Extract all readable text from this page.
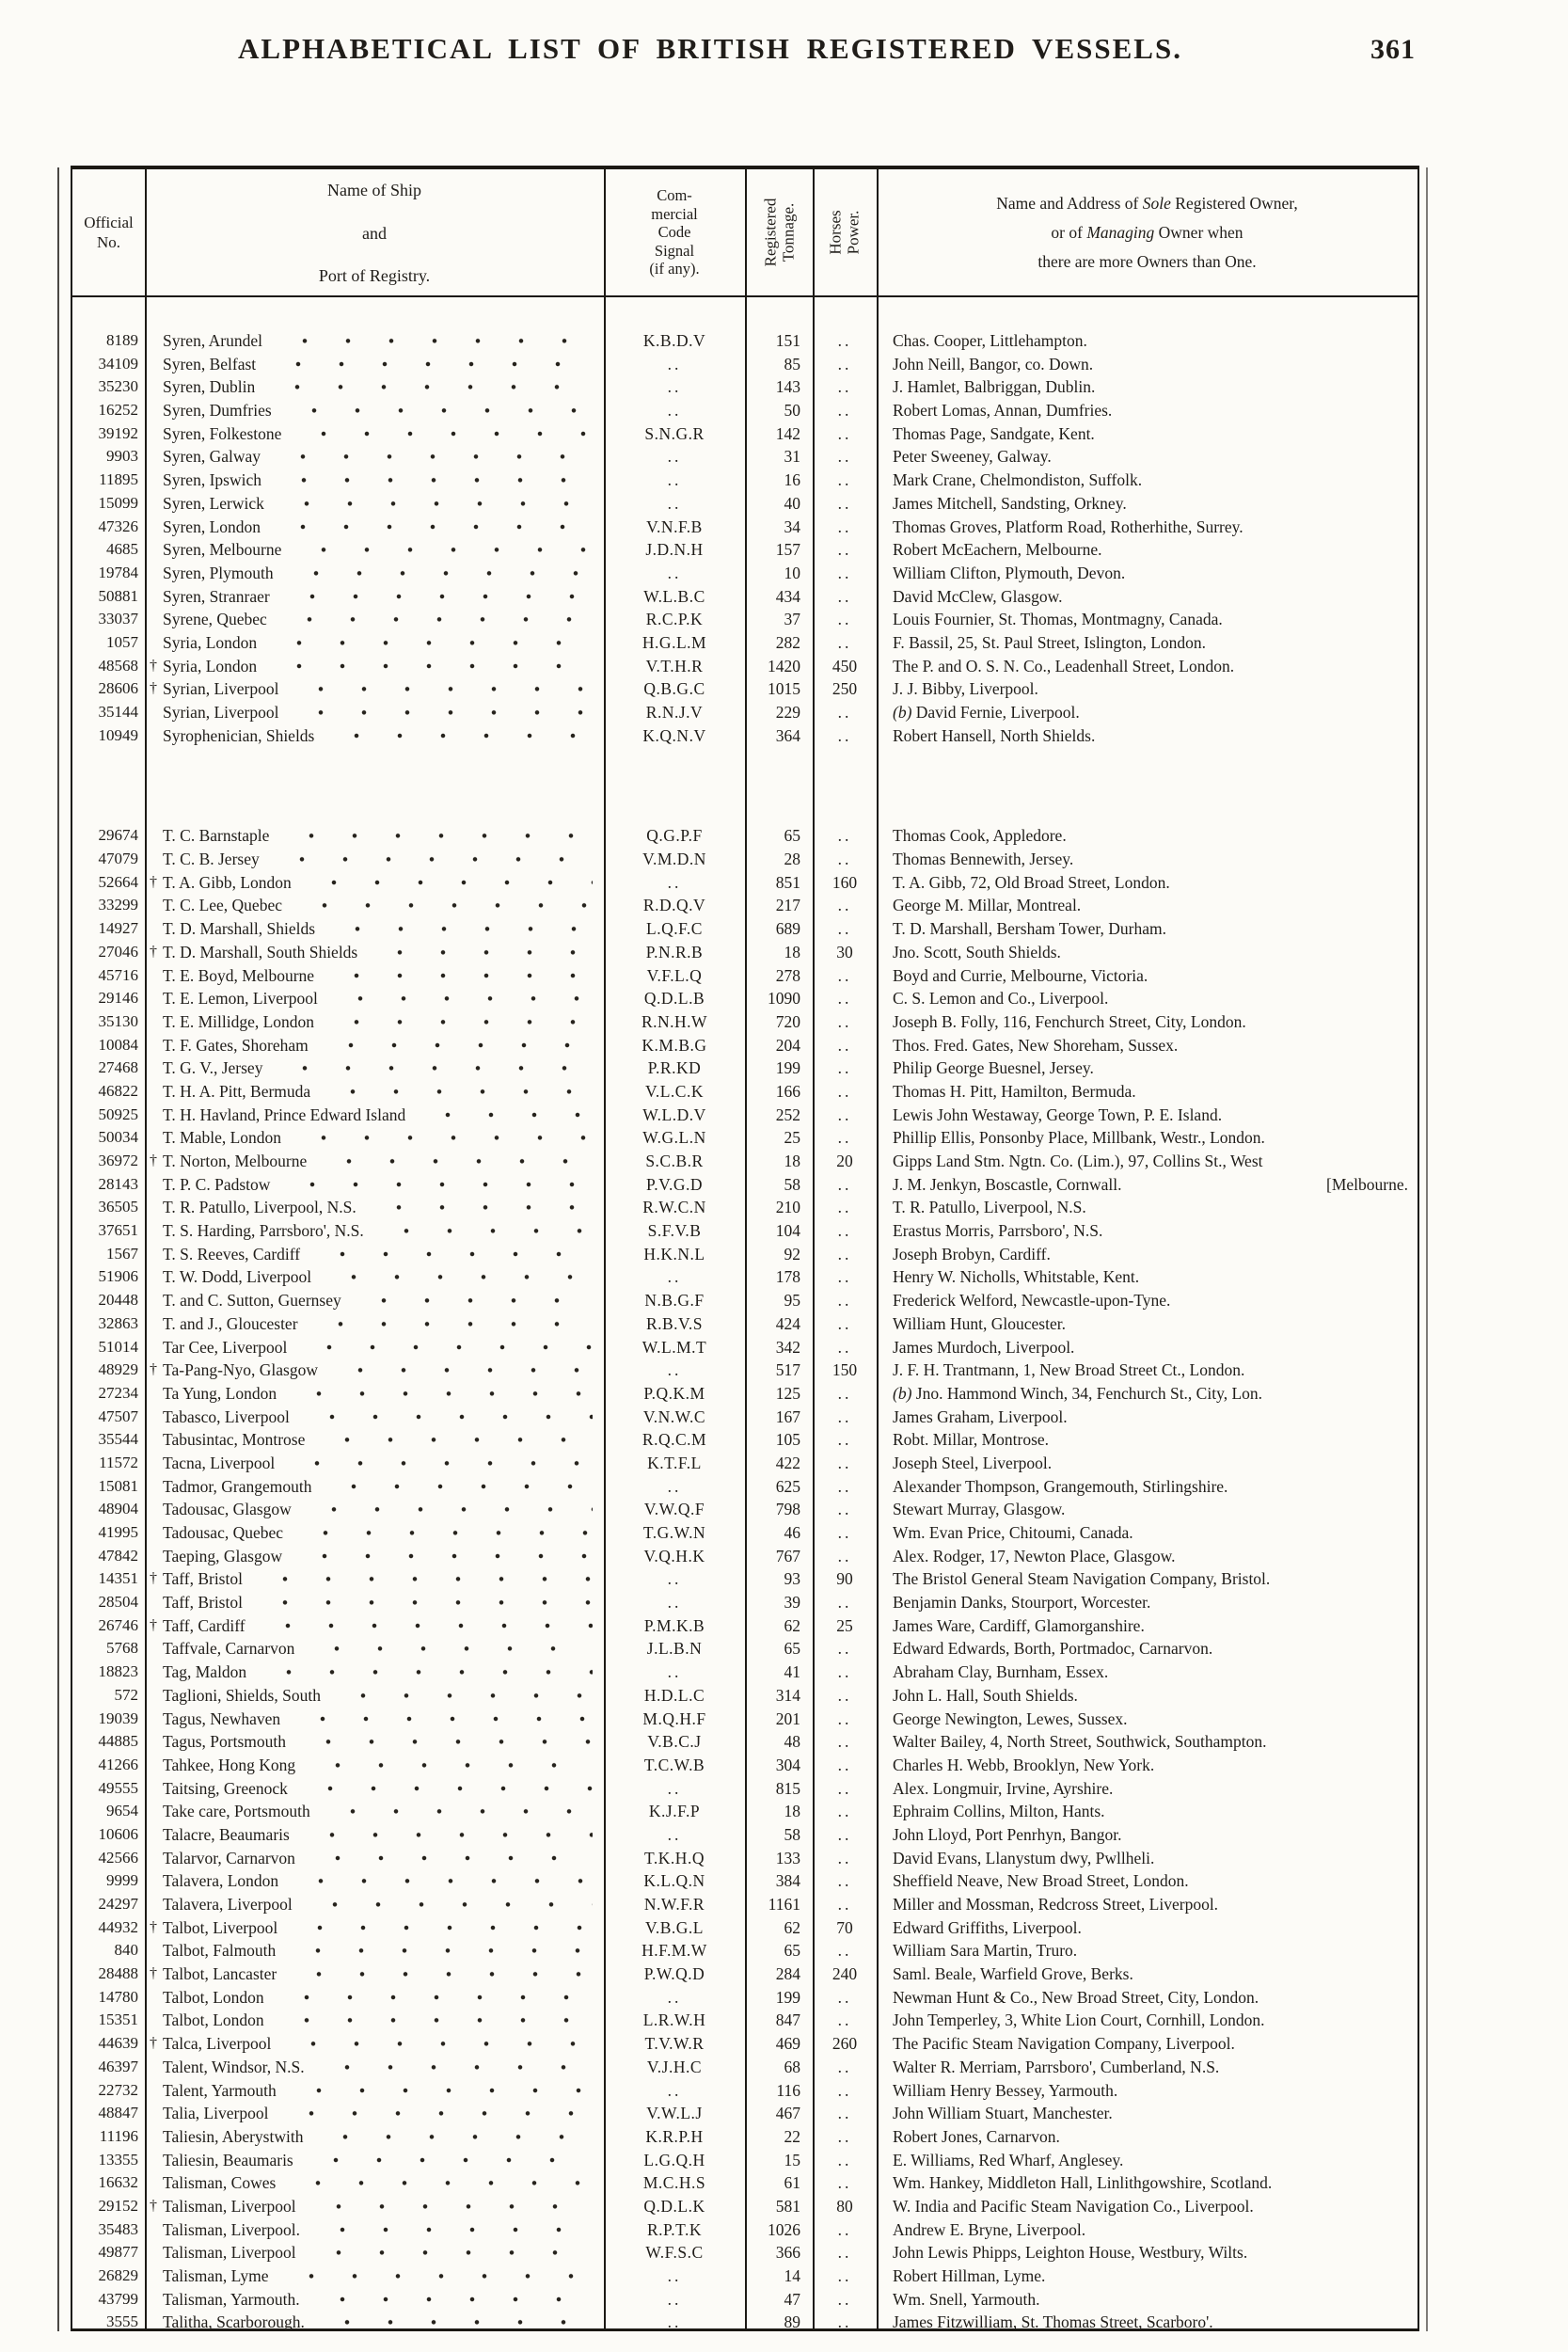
ALPHABETICAL LIST OF BRITISH REGISTERED VESSELS.	361
Official
No.
Name of Ship
and
Port of Registry.
Com-
mercial
Code
Signal
(if any).
Registered Tonnage. Horses Power.
Name and Address of Sole Registered Owner,
or of Managing Owner when
there are more Owners than One.
8189	Syren, Arundel	K.B.D.V	151	..	Chas. Cooper, Littlehampton.
34109	Syren, Belfast	..	85	..	John Neill, Bangor, co. Down.
35230	Syren, Dublin	..	143	..	J. Hamlet, Balbriggan, Dublin.
16252	Syren, Dumfries	..	50	..	Robert Lomas, Annan, Dumfries.
39192	Syren, Folkestone	S.N.G.R	142	..	Thomas Page, Sandgate, Kent.
9903	Syren, Galway	..	31	..	Peter Sweeney, Galway.
11895	Syren, Ipswich	..	16	..	Mark Crane, Chelmondiston, Suffolk.
15099	Syren, Lerwick	..	40	..	James Mitchell, Sandsting, Orkney.
47326	Syren, London	V.N.F.B	34	..	Thomas Groves, Platform Road, Rotherhithe, Surrey.
4685	Syren, Melbourne	J.D.N.H	157	..	Robert McEachern, Melbourne.
19784	Syren, Plymouth	..	10	..	William Clifton, Plymouth, Devon.
50881	Syren, Stranraer	W.L.B.C	434	..	David McClew, Glasgow.
33037	Syrene, Quebec	R.C.P.K	37	..	Louis Fournier, St. Thomas, Montmagny, Canada.
1057	Syria, London	H.G.L.M	282	..	F. Bassil, 25, St. Paul Street, Islington, London.
48568 † Syria, London	V.T.H.R	1420	450	The P. and O. S. N. Co., Leadenhall Street, London.
28606 † Syrian, Liverpool	Q.B.G.C	1015	250	J. J. Bibby, Liverpool.
35144	Syrian, Liverpool	R.N.J.V	229	..	(b) David Fernie, Liverpool.
10949	Syrophenician, Shields	K.Q.N.V	364	..	Robert Hansell, North Shields.
29674	T. C. Barnstaple	Q.G.P.F	65	..	Thomas Cook, Appledore.
47079	T. C. B. Jersey	V.M.D.N	28	..	Thomas Bennewith, Jersey.
52664 † T. A. Gibb, London	..	851	160	T. A. Gibb, 72, Old Broad Street, London.
33299	T. C. Lee, Quebec	R.D.Q.V	217	..	George M. Millar, Montreal.
14927	T. D. Marshall, Shields	L.Q.F.C	689	..	T. D. Marshall, Bersham Tower, Durham.
27046 † T. D. Marshall, South Shields	P.N.R.B	18	30	Jno. Scott, South Shields.
45716	T. E. Boyd, Melbourne	V.F.L.Q	278	..	Boyd and Currie, Melbourne, Victoria.
29146	T. E. Lemon, Liverpool	Q.D.L.B	1090	..	C. S. Lemon and Co., Liverpool.
35130	T. E. Millidge, London	R.N.H.W	720	..	Joseph B. Folly, 116, Fenchurch Street, City, London.
10084	T. F. Gates, Shoreham	K.M.B.G	204	..	Thos. Fred. Gates, New Shoreham, Sussex.
27468	T. G. V., Jersey	P.R.KD	199	..	Philip George Buesnel, Jersey.
46822	T. H. A. Pitt, Bermuda	V.L.C.K	166	..	Thomas H. Pitt, Hamilton, Bermuda.
50925	T. H. Havland, Prince Edward Island	W.L.D.V	252	..	Lewis John Westaway, George Town, P. E. Island.
50034	T. Mable, London	W.G.L.N	25	..	Phillip Ellis, Ponsonby Place, Millbank, Westr., London.
36972 † T. Norton, Melbourne	S.C.B.R	18	20	Gipps Land Stm. Ngtn. Co. (Lim.), 97, Collins St., West
28143	T. P. C. Padstow	P.V.G.D	58	..	J. M. Jenkyn, Boscastle, Cornwall.	[Melbourne.
36505	T. R. Patullo, Liverpool, N.S.	R.W.C.N	210	..	T. R. Patullo, Liverpool, N.S.
37651	T. S. Harding, Parrsboro', N.S.	S.F.V.B	104	..	Erastus Morris, Parrsboro', N.S.
1567	T. S. Reeves, Cardiff	H.K.N.L	92	..	Joseph Brobyn, Cardiff.
51906	T. W. Dodd, Liverpool	..	178	..	Henry W. Nicholls, Whitstable, Kent.
20448	T. and C. Sutton, Guernsey	N.B.G.F	95	..	Frederick Welford, Newcastle-upon-Tyne.
32863	T. and J., Gloucester	R.B.V.S	424	..	William Hunt, Gloucester.
51014	Tar Cee, Liverpool	W.L.M.T	342	..	James Murdoch, Liverpool.
48929 † Ta-Pang-Nyo, Glasgow	..	517	150	J. F. H. Trantmann, 1, New Broad Street Ct., London.
27234	Ta Yung, London	P.Q.K.M	125	..	(b) Jno. Hammond Winch, 34, Fenchurch St., City, Lon.
47507	Tabasco, Liverpool	V.N.W.C	167	..	James Graham, Liverpool.
35544	Tabusintac, Montrose	R.Q.C.M	105	..	Robt. Millar, Montrose.
11572	Tacna, Liverpool	K.T.F.L	422	..	Joseph Steel, Liverpool.
15081	Tadmor, Grangemouth	..	625	..	Alexander Thompson, Grangemouth, Stirlingshire.
48904	Tadousac, Glasgow	V.W.Q.F	798	..	Stewart Murray, Glasgow.
41995	Tadousac, Quebec	T.G.W.N	46	..	Wm. Evan Price, Chitoumi, Canada.
47842	Taeping, Glasgow	V.Q.H.K	767	..	Alex. Rodger, 17, Newton Place, Glasgow.
14351 † Taff, Bristol	..	93	90	The Bristol General Steam Navigation Company, Bristol.
28504	Taff, Bristol	..	39	..	Benjamin Danks, Stourport, Worcester.
26746 † Taff, Cardiff	P.M.K.B	62	25	James Ware, Cardiff, Glamorganshire.
5768	Taffvale, Carnarvon	J.L.B.N	65	..	Edward Edwards, Borth, Portmadoc, Carnarvon.
18823	Tag, Maldon	..	41	..	Abraham Clay, Burnham, Essex.
572	Taglioni, Shields, South	H.D.L.C	314	..	John L. Hall, South Shields.
19039	Tagus, Newhaven	M.Q.H.F	201	..	George Newington, Lewes, Sussex.
44885	Tagus, Portsmouth	V.B.C.J	48	..	Walter Bailey, 4, North Street, Southwick, Southampton.
41266	Tahkee, Hong Kong	T.C.W.B	304	..	Charles H. Webb, Brooklyn, New York.
49555	Taitsing, Greenock	..	815	..	Alex. Longmuir, Irvine, Ayrshire.
9654	Take care, Portsmouth	K.J.F.P	18	..	Ephraim Collins, Milton, Hants.
10606	Talacre, Beaumaris	..	58	..	John Lloyd, Port Penrhyn, Bangor.
42566	Talarvor, Carnarvon	T.K.H.Q	133	..	David Evans, Llanystum dwy, Pwllheli.
9999	Talavera, London	K.L.Q.N	384	..	Sheffield Neave, New Broad Street, London.
24297	Talavera, Liverpool	N.W.F.R	1161	..	Miller and Mossman, Redcross Street, Liverpool.
44932 † Talbot, Liverpool	V.B.G.L	62	70	Edward Griffiths, Liverpool.
840	Talbot, Falmouth	H.F.M.W	65	..	William Sara Martin, Truro.
28488 † Talbot, Lancaster	P.W.Q.D	284	240	Saml. Beale, Warfield Grove, Berks.
14780	Talbot, London	..	199	..	Newman Hunt & Co., New Broad Street, City, London.
15351	Talbot, London	L.R.W.H	847	..	John Temperley, 3, White Lion Court, Cornhill, London.
44639 † Talca, Liverpool	T.V.W.R	469	260	The Pacific Steam Navigation Company, Liverpool.
46397	Talent, Windsor, N.S.	V.J.H.C	68	..	Walter R. Merriam, Parrsboro', Cumberland, N.S.
22732	Talent, Yarmouth	..	116	..	William Henry Bessey, Yarmouth.
48847	Talia, Liverpool	V.W.L.J	467	..	John William Stuart, Manchester.
11196	Taliesin, Aberystwith	K.R.P.H	22	..	Robert Jones, Carnarvon.
13355	Taliesin, Beaumaris	L.G.Q.H	15	..	E. Williams, Red Wharf, Anglesey.
16632	Talisman, Cowes	M.C.H.S	61	..	Wm. Hankey, Middleton Hall, Linlithgowshire, Scotland.
29152 † Talisman, Liverpool	Q.D.L.K	581	80	W. India and Pacific Steam Navigation Co., Liverpool.
35483	Talisman, Liverpool.	R.P.T.K	1026	..	Andrew E. Bryne, Liverpool.
49877	Talisman, Liverpool	W.F.S.C	366	..	John Lewis Phipps, Leighton House, Westbury, Wilts.
26829	Talisman, Lyme	..	14	..	Robert Hillman, Lyme.
43799	Talisman, Yarmouth.	..	47	..	Wm. Snell, Yarmouth.
3555	Talitha, Scarborough.	..	89	..	James Fitzwilliam, St. Thomas Street, Scarboro'.
